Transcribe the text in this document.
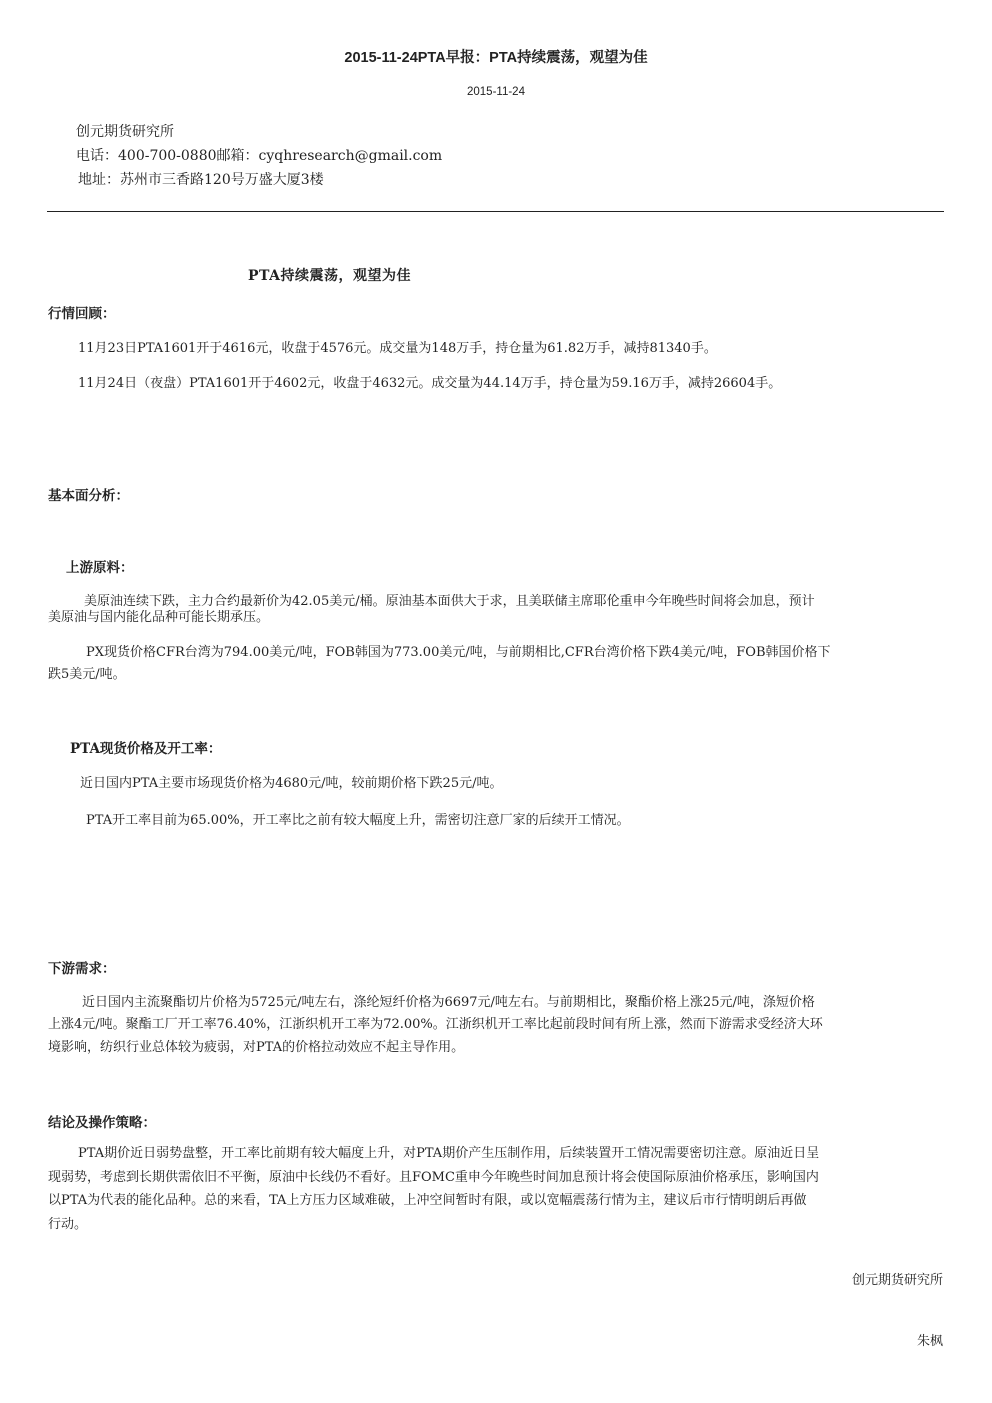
2015-11-24PTA早报：PTA持续震荡，观望为佳
2015-11-24
创元期货研究所
电话：400-700-0880邮箱：cyqhresearch@gmail.com
地址：苏州市三香路120号万盛大厦3楼
PTA持续震荡，观望为佳
行情回顾：
11月23日PTA1601开于4616元，收盘于4576元。成交量为148万手，持仓量为61.82万手，减持81340手。
11月24日（夜盘）PTA1601开于4602元，收盘于4632元。成交量为44.14万手，持仓量为59.16万手，减持26604手。
基本面分析：
上游原料：
美原油连续下跌，主力合约最新价为42.05美元/桶。原油基本面供大于求，且美联储主席耶伦重申今年晚些时间将会加息，预计
美原油与国内能化品种可能长期承压。
PX现货价格CFR台湾为794.00美元/吨，FOB韩国为773.00美元/吨，与前期相比,CFR台湾价格下跌4美元/吨，FOB韩国价格下
跌5美元/吨。
PTA现货价格及开工率：
近日国内PTA主要市场现货价格为4680元/吨，较前期价格下跌25元/吨。
PTA开工率目前为65.00%，开工率比之前有较大幅度上升，需密切注意厂家的后续开工情况。
下游需求：
近日国内主流聚酯切片价格为5725元/吨左右，涤纶短纤价格为6697元/吨左右。与前期相比，聚酯价格上涨25元/吨，涤短价格
上涨4元/吨。聚酯工厂开工率76.40%，江浙织机开工率为72.00%。江浙织机开工率比起前段时间有所上涨，然而下游需求受经济大环
境影响，纺织行业总体较为疲弱，对PTA的价格拉动效应不起主导作用。
结论及操作策略：
PTA期价近日弱势盘整，开工率比前期有较大幅度上升，对PTA期价产生压制作用，后续装置开工情况需要密切注意。原油近日呈
现弱势，考虑到长期供需依旧不平衡，原油中长线仍不看好。且FOMC重申今年晚些时间加息预计将会使国际原油价格承压，影响国内
以PTA为代表的能化品种。总的来看，TA上方压力区域难破，上冲空间暂时有限，或以宽幅震荡行情为主，建议后市行情明朗后再做
行动。
创元期货研究所
朱枫
